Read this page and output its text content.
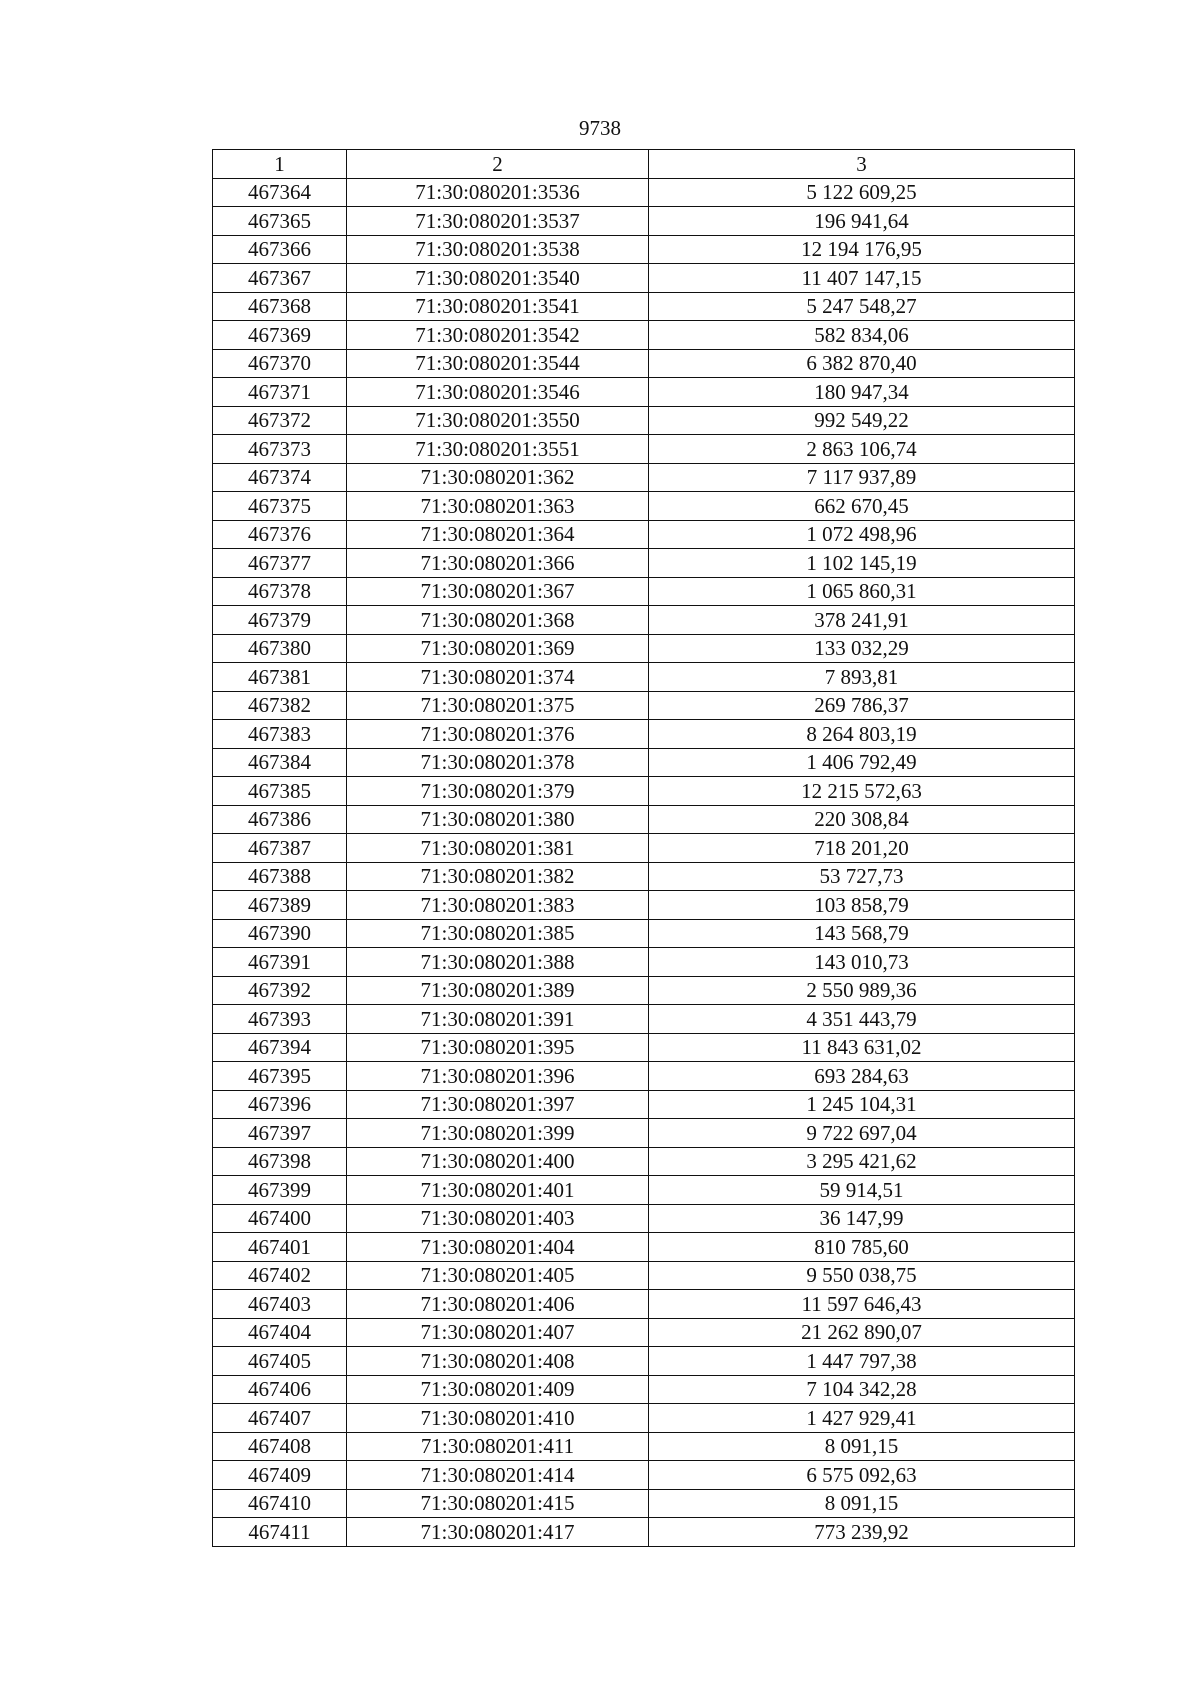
9738
1	2	3
467364	71:30:080201:3536	5 122 609,25
467365	71:30:080201:3537	196 941,64
467366	71:30:080201:3538	12 194 176,95
467367	71:30:080201:3540	11 407 147,15
467368	71:30:080201:3541	5 247 548,27
467369	71:30:080201:3542	582 834,06
467370	71:30:080201:3544	6 382 870,40
467371	71:30:080201:3546	180 947,34
467372	71:30:080201:3550	992 549,22
467373	71:30:080201:3551	2 863 106,74
467374	71:30:080201:362	7 117 937,89
467375	71:30:080201:363	662 670,45
467376	71:30:080201:364	1 072 498,96
467377	71:30:080201:366	1 102 145,19
467378	71:30:080201:367	1 065 860,31
467379	71:30:080201:368	378 241,91
467380	71:30:080201:369	133 032,29
467381	71:30:080201:374	7 893,81
467382	71:30:080201:375	269 786,37
467383	71:30:080201:376	8 264 803,19
467384	71:30:080201:378	1 406 792,49
467385	71:30:080201:379	12 215 572,63
467386	71:30:080201:380	220 308,84
467387	71:30:080201:381	718 201,20
467388	71:30:080201:382	53 727,73
467389	71:30:080201:383	103 858,79
467390	71:30:080201:385	143 568,79
467391	71:30:080201:388	143 010,73
467392	71:30:080201:389	2 550 989,36
467393	71:30:080201:391	4 351 443,79
467394	71:30:080201:395	11 843 631,02
467395	71:30:080201:396	693 284,63
467396	71:30:080201:397	1 245 104,31
467397	71:30:080201:399	9 722 697,04
467398	71:30:080201:400	3 295 421,62
467399	71:30:080201:401	59 914,51
467400	71:30:080201:403	36 147,99
467401	71:30:080201:404	810 785,60
467402	71:30:080201:405	9 550 038,75
467403	71:30:080201:406	11 597 646,43
467404	71:30:080201:407	21 262 890,07
467405	71:30:080201:408	1 447 797,38
467406	71:30:080201:409	7 104 342,28
467407	71:30:080201:410	1 427 929,41
467408	71:30:080201:411	8 091,15
467409	71:30:080201:414	6 575 092,63
467410	71:30:080201:415	8 091,15
467411	71:30:080201:417	773 239,92
